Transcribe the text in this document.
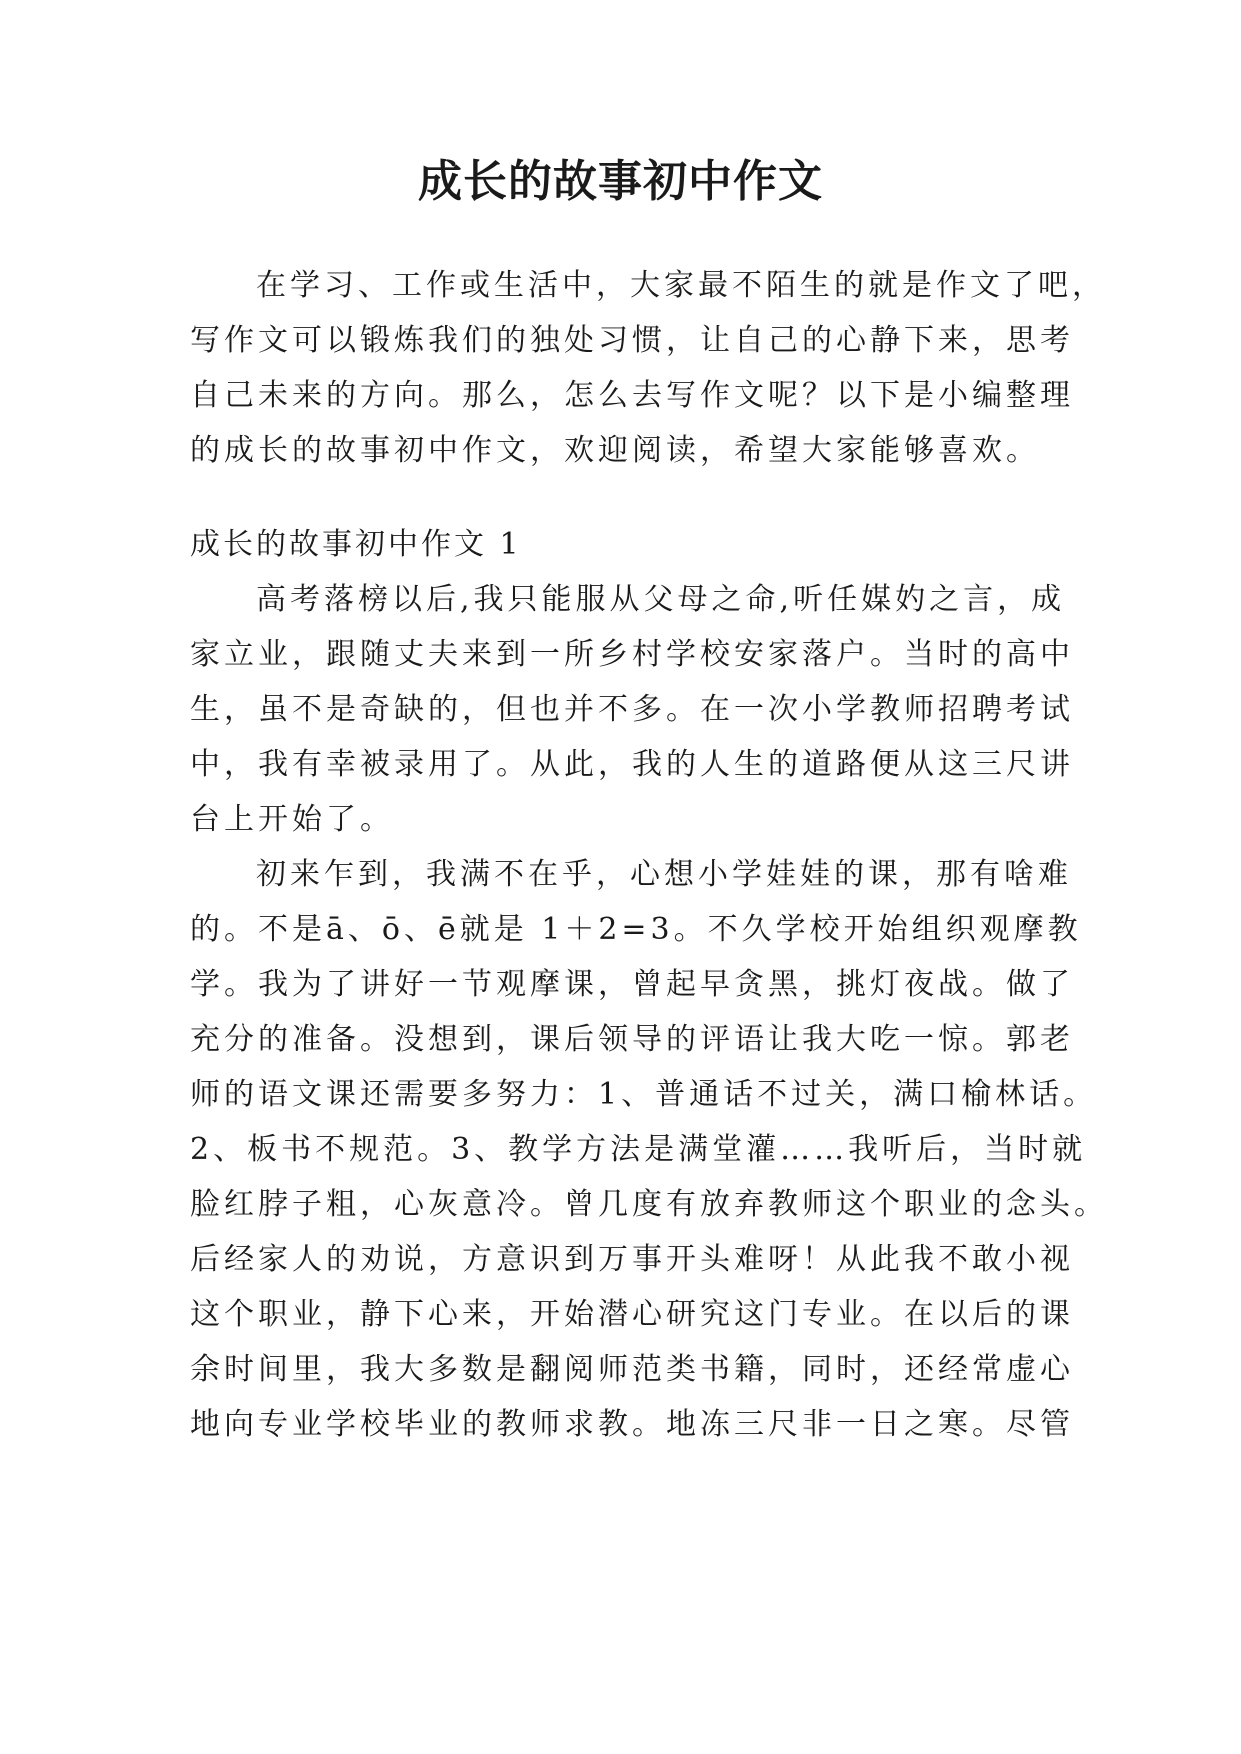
成长的故事初中作文
在学习、工作或生活中，大家最不陌生的就是作文了吧，
写作文可以锻炼我们的独处习惯，让自己的心静下来，思考
自己未来的方向。那么，怎么去写作文呢？以下是小编整理
的成长的故事初中作文，欢迎阅读，希望大家能够喜欢。
成长的故事初中作文 1
高考落榜以后,我只能服从父母之命,听任媒妁之言，成
家立业，跟随丈夫来到一所乡村学校安家落户。当时的高中
生，虽不是奇缺的，但也并不多。在一次小学教师招聘考试
中，我有幸被录用了。从此，我的人生的道路便从这三尺讲
台上开始了。
初来乍到，我满不在乎，心想小学娃娃的课，那有啥难
的。不是ā、ō、ē就是 1＋2=3。不久学校开始组织观摩教
学。我为了讲好一节观摩课，曾起早贪黑，挑灯夜战。做了
充分的准备。没想到，课后领导的评语让我大吃一惊。郭老
师的语文课还需要多努力：1、普通话不过关，满口榆林话。
2、板书不规范。3、教学方法是满堂灌……我听后，当时就
脸红脖子粗，心灰意冷。曾几度有放弃教师这个职业的念头。
后经家人的劝说，方意识到万事开头难呀！从此我不敢小视
这个职业，静下心来，开始潜心研究这门专业。在以后的课
余时间里，我大多数是翻阅师范类书籍，同时，还经常虚心
地向专业学校毕业的教师求教。地冻三尺非一日之寒。尽管
